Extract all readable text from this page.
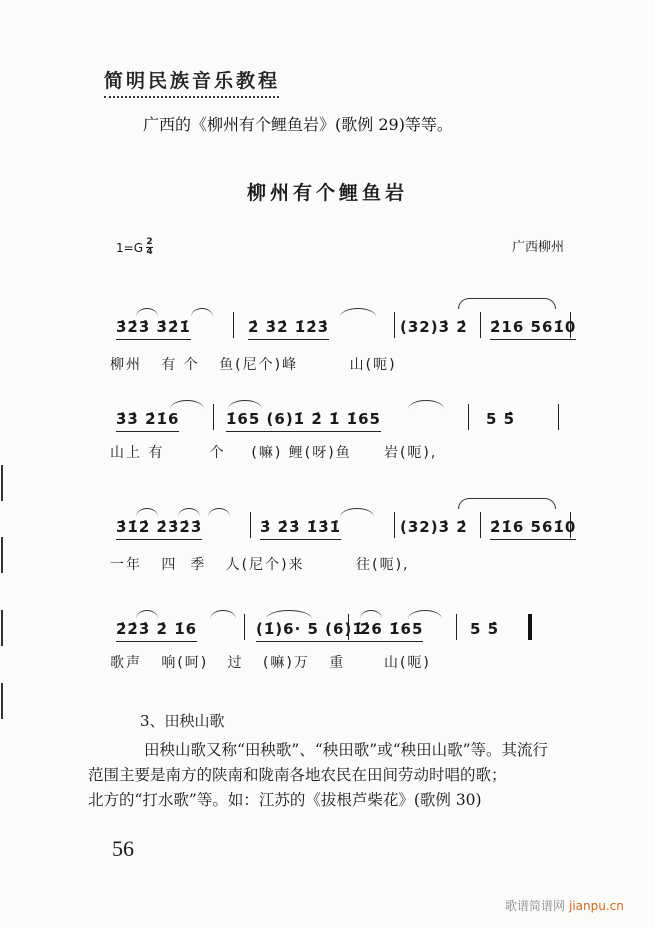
简明民族音乐教程
广西的《柳州有个鲤鱼岩》(歌例 29)等等。
柳州有个鲤鱼岩
$1=G \frac{2}{4}$	广西柳州

3̇2̇3̇ 3̇2̇1̇

	2̇ 3̇2̇ 1̇2̇3̇

	(32)3̇ 2̇

2̇16 561̇0

柳州   有 个   鱼(尼个)峰        山(呃)

3̇3̇ 2̇1̇6

	1̇65 (6)1̇ 2̇ 1̇ 1̇65

	5 5̂

山上 有       个    (嘛) 鲤(呀)鱼     岩(呃),

3̇1̇2̇ 2̇3̇2̇3̇

	3̇ 2̇3̇ 1̇3̇1̇

	(32)3̇ 2̇

2̇1̇6 561̇0

一年   四  季   人(尼个)来        往(呃),

2̇2̇3̇ 2̇ 1̇6

	(1̇)6· 5 (6)1̇

2̇6 1̇65

	5 5̂

歌声   响(呵)   过   (嘛)万   重      山(呃)
3、田秧山歌

田秧山歌又称“田秧歌”、“秧田歌”或“秧田山歌”等。其流行

范围主要是南方的陕南和陇南各地农民在田间劳动时唱的歌；

北方的“打水歌”等。如：江苏的《拔根芦柴花》(歌例 30)

56
歌谱简谱网 jianpu.cn
